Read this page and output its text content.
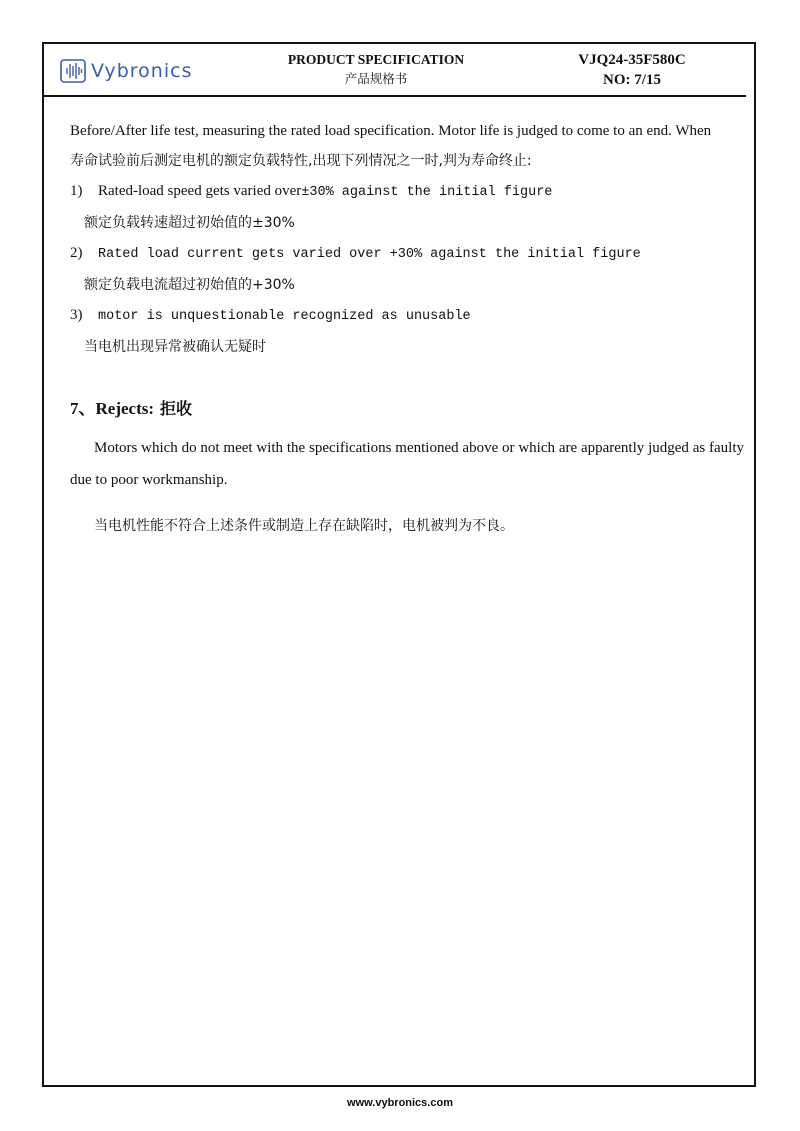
Vybronics
PRODUCT SPECIFICATION
产品规格书
VJQ24-35F580C
NO: 7/15

Before/After life test, measuring the rated load specification. Motor life is judged to come to an end. When

寿命试验前后测定电机的额定负载特性,出现下列情况之一时,判为寿命终止:

1) Rated-load speed gets varied over±30% against the initial figure

额定负载转速超过初始值的±30%

2) Rated load current gets varied over +30% against the initial figure

额定负载电流超过初始值的+30%

3) motor is unquestionable recognized as unusable

当电机出现异常被确认无疑时

7、Rejects: 拒收

Motors which do not meet with the specifications mentioned above or which are apparently judged as faulty due to poor workmanship.

当电机性能不符合上述条件或制造上存在缺陷时，电机被判为不良。

www.vybronics.com
